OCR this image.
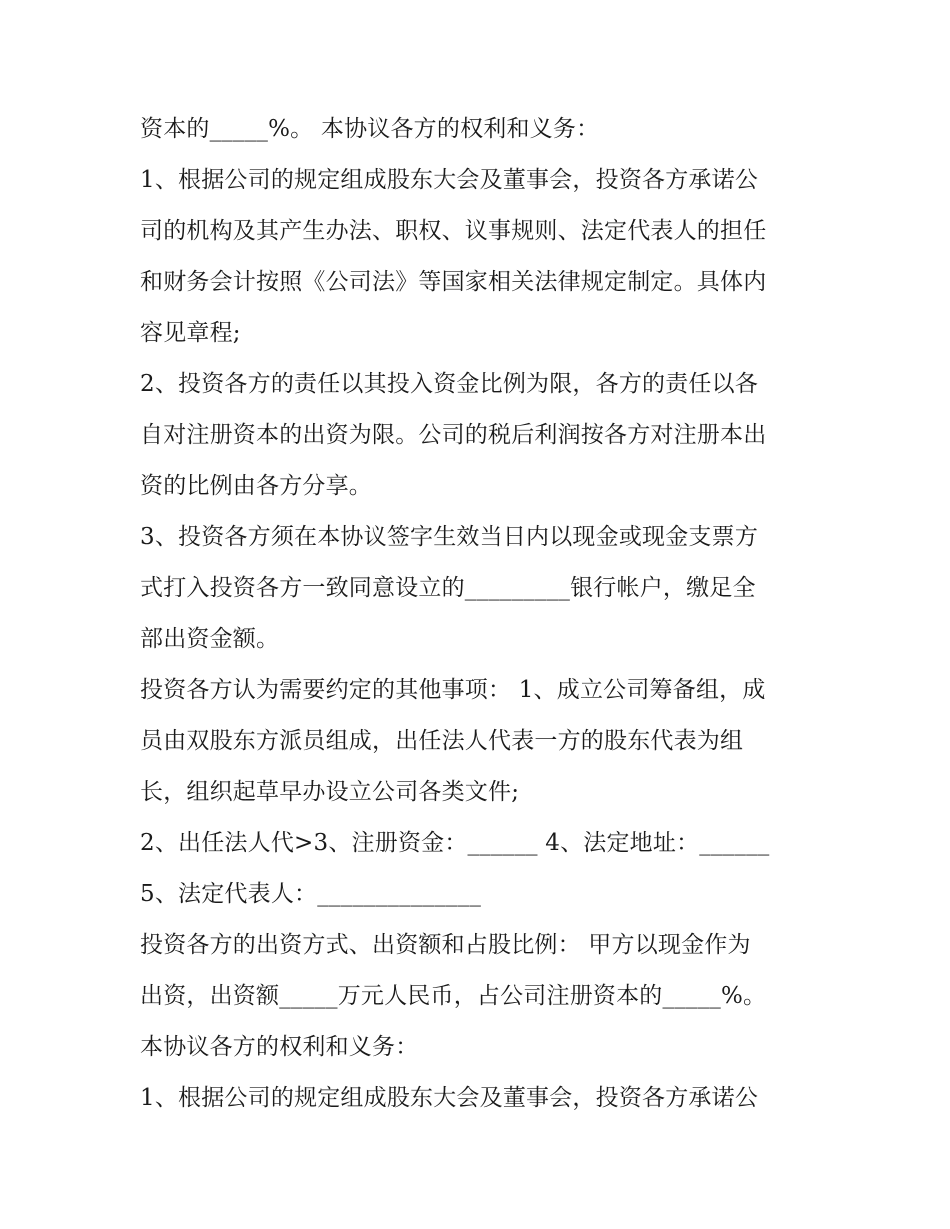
资本的_____%。 本协议各方的权利和义务：
1、根据公司的规定组成股东大会及董事会，投资各方承诺公
司的机构及其产生办法、职权、议事规则、法定代表人的担任
和财务会计按照《公司法》等国家相关法律规定制定。具体内
容见章程;
2、投资各方的责任以其投入资金比例为限，各方的责任以各
自对注册资本的出资为限。公司的税后利润按各方对注册本出
资的比例由各方分享。
3、投资各方须在本协议签字生效当日内以现金或现金支票方
式打入投资各方一致同意设立的_________银行帐户，缴足全
部出资金额。
投资各方认为需要约定的其他事项： 1、成立公司筹备组，成
员由双股东方派员组成，出任法人代表一方的股东代表为组
长，组织起草早办设立公司各类文件;
2、出任法人代>3、注册资金：______ 4、法定地址：______
5、法定代表人：______________
投资各方的出资方式、出资额和占股比例： 甲方以现金作为
出资，出资额_____万元人民币，占公司注册资本的_____%。
本协议各方的权利和义务：
1、根据公司的规定组成股东大会及董事会，投资各方承诺公
